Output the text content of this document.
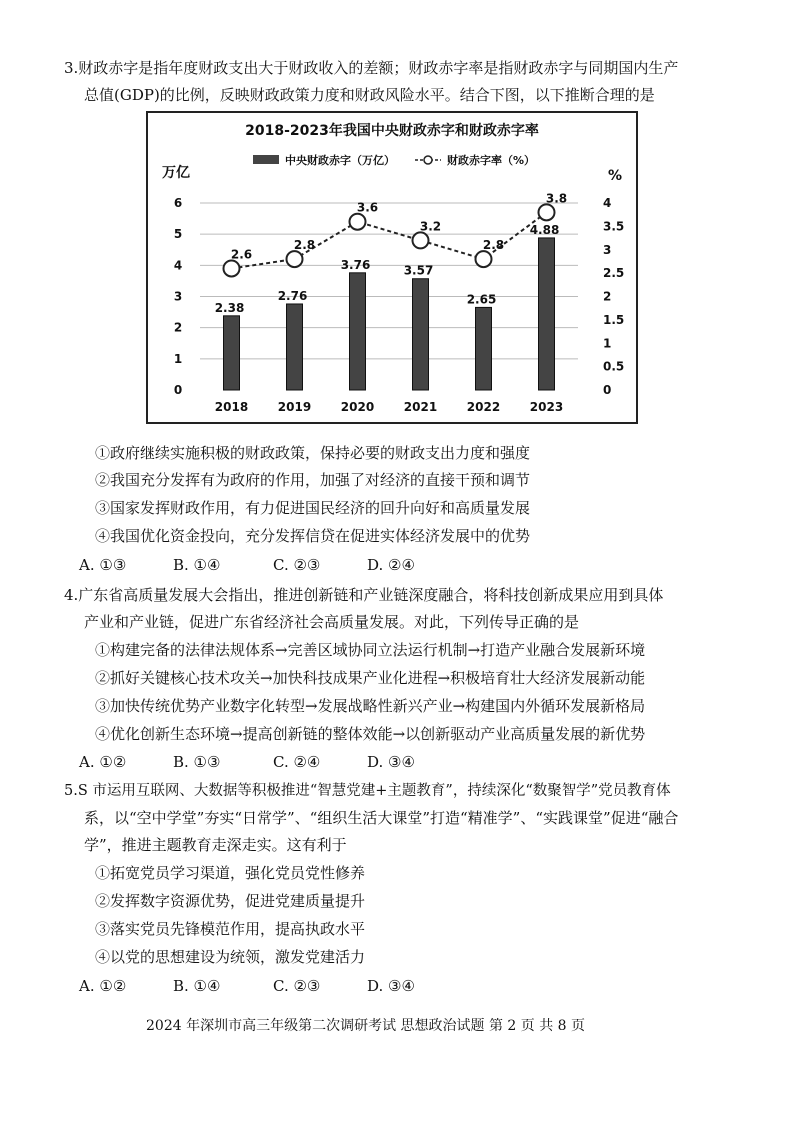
3.财政赤字是指年度财政支出大于财政收入的差额；财政赤字率是指财政赤字与同期国内生产
总值(GDP)的比例，反映财政政策力度和财政风险水平。结合下图，以下推断合理的是
2018-2023年我国中央财政赤字和财政赤字率
中央财政赤字（万亿）	财政赤字率（%）
万亿	%
0
1
2
3
4
5
6
0
0.5
1
1.5
2
2.5
3
3.5
4
2.38
2.76
3.76	3.57
2.65
4.88
2018 2019 2020 2021 2022 2023
2.6
2.8
3.6
3.2
2.8
3.8
①政府继续实施积极的财政政策，保持必要的财政支出力度和强度
②我国充分发挥有为政府的作用，加强了对经济的直接干预和调节
③国家发挥财政作用，有力促进国民经济的回升向好和高质量发展
④我国优化资金投向，充分发挥信贷在促进实体经济发展中的优势
A. ①③	B. ①④	C. ②③	D. ②④
4.广东省高质量发展大会指出，推进创新链和产业链深度融合，将科技创新成果应用到具体
产业和产业链，促进广东省经济社会高质量发展。对此，下列传导正确的是
①构建完备的法律法规体系→完善区域协同立法运行机制→打造产业融合发展新环境
②抓好关键核心技术攻关→加快科技成果产业化进程→积极培育壮大经济发展新动能
③加快传统优势产业数字化转型→发展战略性新兴产业→构建国内外循环发展新格局
④优化创新生态环境→提高创新链的整体效能→以创新驱动产业高质量发展的新优势
A. ①②	B. ①③	C. ②④	D. ③④
5.S 市运用互联网、大数据等积极推进“智慧党建+主题教育”，持续深化“数聚智学”党员教育体
系，以“空中学堂”夯实“日常学”、“组织生活大课堂”打造“精准学”、“实践课堂”促进“融合
学”，推进主题教育走深走实。这有利于
①拓宽党员学习渠道，强化党员党性修养
②发挥数字资源优势，促进党建质量提升
③落实党员先锋模范作用，提高执政水平
④以党的思想建设为统领，激发党建活力
A. ①②	B. ①④	C. ②③	D. ③④
2024 年深圳市高三年级第二次调研考试 思想政治试题 第 2 页 共 8 页
